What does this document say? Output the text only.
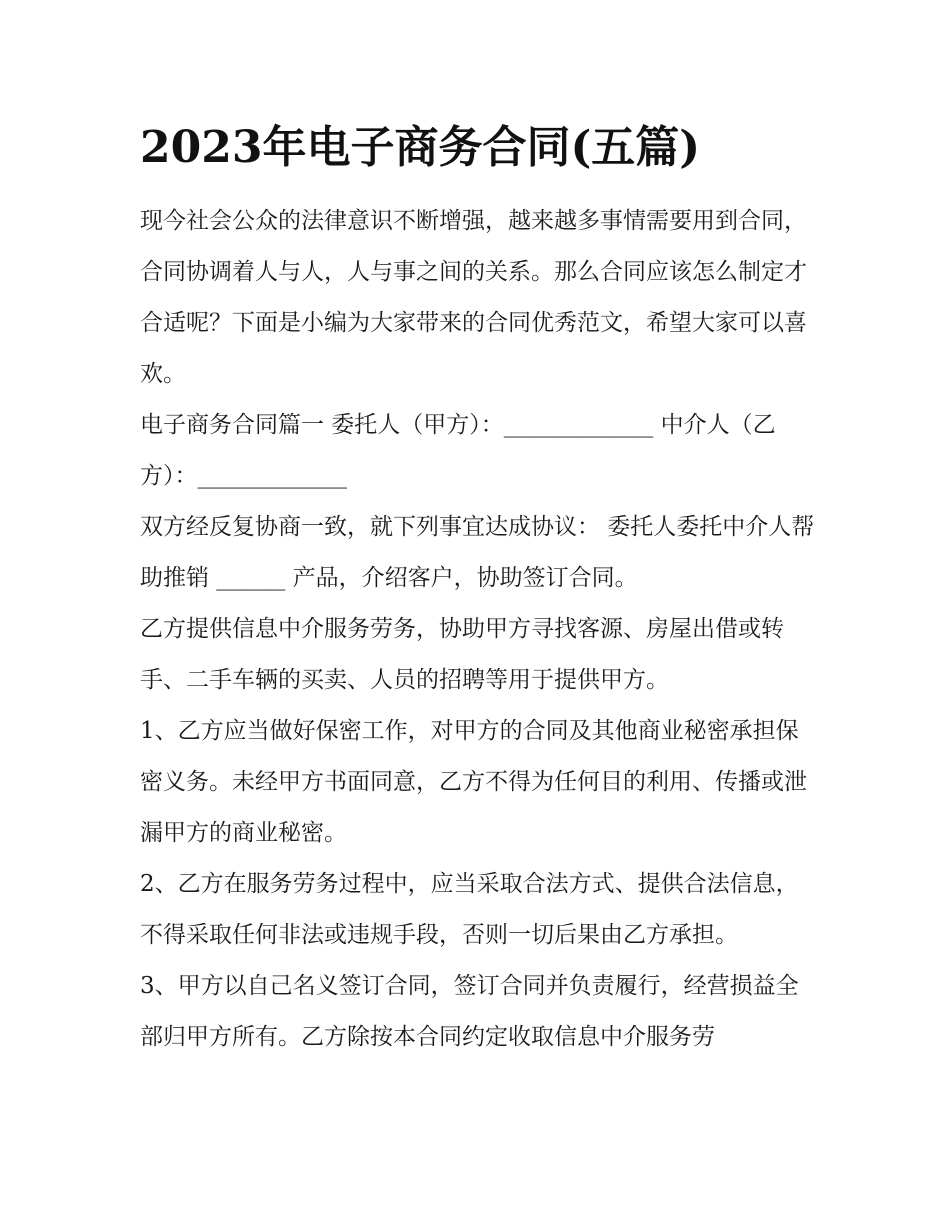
2023年电子商务合同(五篇)

现今社会公众的法律意识不断增强，越来越多事情需要用到合同，合同协调着人与人，人与事之间的关系。那么合同应该怎么制定才合适呢？下面是小编为大家带来的合同优秀范文，希望大家可以喜欢。

电子商务合同篇一 委托人（甲方）：_____________ 中介人（乙方）：_____________

双方经反复协商一致，就下列事宜达成协议： 委托人委托中介人帮助推销 ______ 产品，介绍客户，协助签订合同。

乙方提供信息中介服务劳务，协助甲方寻找客源、房屋出借或转手、二手车辆的买卖、人员的招聘等用于提供甲方。

1、乙方应当做好保密工作，对甲方的合同及其他商业秘密承担保密义务。未经甲方书面同意，乙方不得为任何目的利用、传播或泄漏甲方的商业秘密。

2、乙方在服务劳务过程中，应当采取合法方式、提供合法信息，不得采取任何非法或违规手段，否则一切后果由乙方承担。

3、甲方以自己名义签订合同，签订合同并负责履行，经营损益全部归甲方所有。乙方除按本合同约定收取信息中介服务劳
